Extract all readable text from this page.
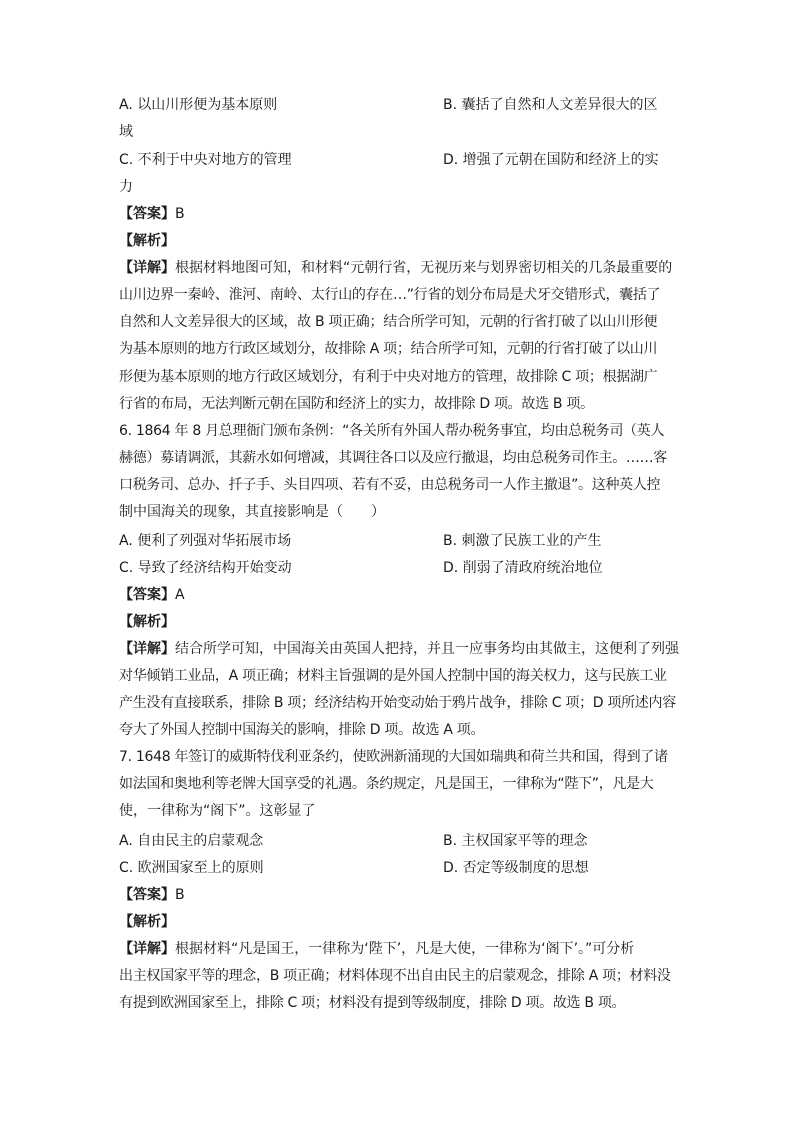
A. 以山川形便为基本原则	B. 囊括了自然和人文差异很大的区
域
C. 不利于中央对地方的管理	D. 增强了元朝在国防和经济上的实
力
【答案】B
【解析】
【详解】根据材料地图可知，和材料“元朝行省，无视历来与划界密切相关的几条最重要的
山川边界一秦岭、淮河、南岭、太行山的存在…”行省的划分布局是犬牙交错形式，囊括了
自然和人文差异很大的区域，故 B 项正确；结合所学可知，元朝的行省打破了以山川形便
为基本原则的地方行政区域划分，故排除 A 项；结合所学可知，元朝的行省打破了以山川
形便为基本原则的地方行政区域划分，有利于中央对地方的管理，故排除 C 项；根据湖广
行省的布局，无法判断元朝在国防和经济上的实力，故排除 D 项。故选 B 项。
6. 1864 年 8 月总理衙门颁布条例：“各关所有外国人帮办税务事宜，均由总税务司（英人
赫德）募请调派，其薪水如何增减，其调往各口以及应行撤退，均由总税务司作主。……客
口税务司、总办、扦子手、头目四项、若有不妥，由总税务司一人作主撤退”。这种英人控
制中国海关的现象，其直接影响是（　　）
A. 便利了列强对华拓展市场	B. 刺激了民族工业的产生
C. 导致了经济结构开始变动	D. 削弱了清政府统治地位
【答案】A
【解析】
【详解】结合所学可知，中国海关由英国人把持，并且一应事务均由其做主，这便利了列强
对华倾销工业品，A 项正确；材料主旨强调的是外国人控制中国的海关权力，这与民族工业
产生没有直接联系，排除 B 项；经济结构开始变动始于鸦片战争，排除 C 项；D 项所述内容
夸大了外国人控制中国海关的影响，排除 D 项。故选 A 项。
7. 1648 年签订的威斯特伐利亚条约，使欧洲新涌现的大国如瑞典和荷兰共和国，得到了诸
如法国和奥地利等老牌大国享受的礼遇。条约规定，凡是国王，一律称为“陛下”，凡是大
使，一律称为“阁下”。这彰显了
A. 自由民主的启蒙观念	B. 主权国家平等的理念
C. 欧洲国家至上的原则	D. 否定等级制度的思想
【答案】B
【解析】
【详解】根据材料“凡是国王，一律称为‘陛下’，凡是大使，一律称为‘阁下’。”可分析
出主权国家平等的理念，B 项正确；材料体现不出自由民主的启蒙观念，排除 A 项；材料没
有提到欧洲国家至上，排除 C 项；材料没有提到等级制度，排除 D 项。故选 B 项。
